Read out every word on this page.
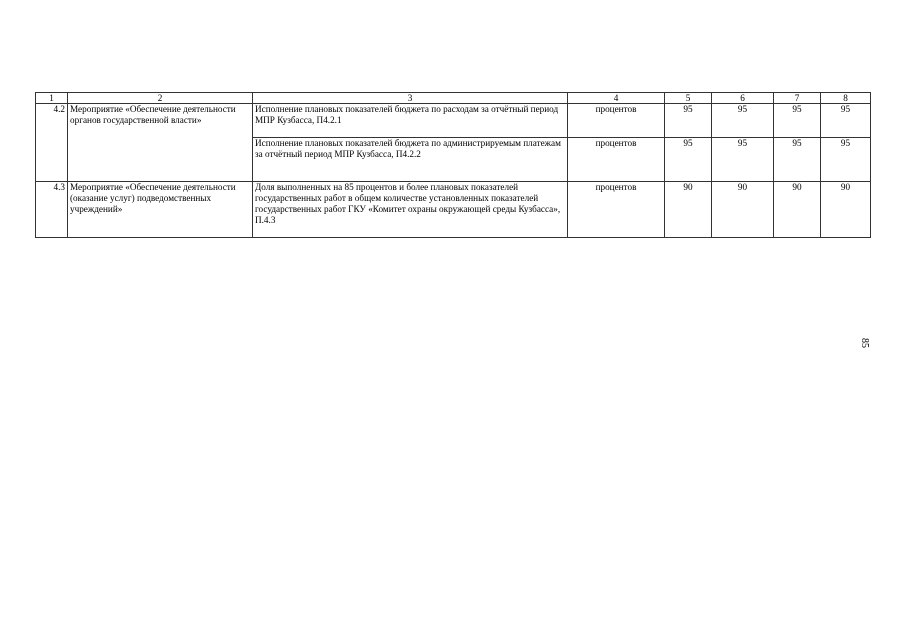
1	2	3	4	5	6	7	8
4.2	Мероприятие «Обеспечение деятельности органов государственной власти»	Исполнение плановых показателей бюджета по расходам за отчётный период МПР Кузбасса, П4.2.1	процентов	95	95	95	95
		Исполнение плановых показателей бюджета по администрируемым платежам за отчётный период МПР Кузбасса, П4.2.2	процентов	95	95	95	95
4.3	Мероприятие «Обеспечение деятельности (оказание услуг) подведомственных учреждений»	Доля выполненных на 85 процентов и более плановых показателей государственных работ в общем количестве установленных показателей государственных работ ГКУ «Комитет охраны окружающей среды Кузбасса», П.4.3	процентов	90	90	90	90
85
